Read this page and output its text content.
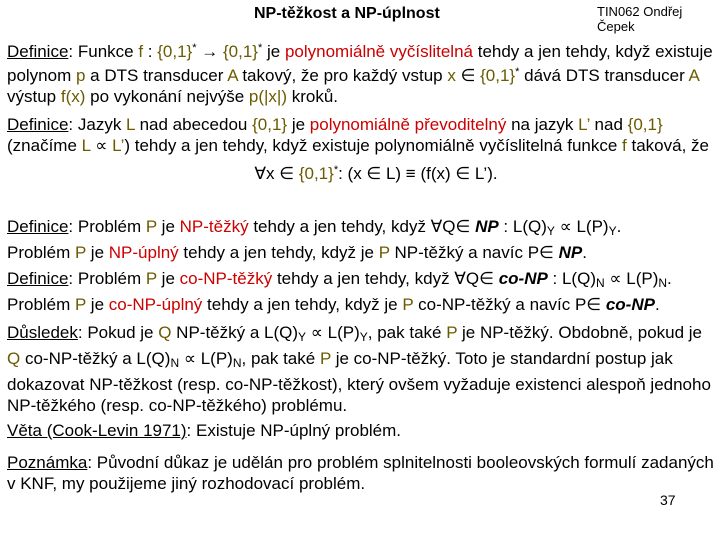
NP-těžkost a NP-úplnost	TIN062 Ondřej Čepek
Definice: Funkce f : {0,1}* → {0,1}* je polynomiálně vyčíslitelná tehdy a jen tehdy, když existuje polynom p a DTS transducer A takový, že pro každý vstup x ∈ {0,1}* dává DTS transducer A výstup f(x) po vykonání nejvýše p(|x|) kroků.
Definice: Jazyk L nad abecedou {0,1} je polynomiálně převoditelný na jazyk L’ nad {0,1} (značíme L ∝ L’) tehdy a jen tehdy, když existuje polynomiálně vyčíslitelná funkce f taková, že
∀x ∈ {0,1}*: (x ∈ L) ≡ (f(x) ∈ L’).
Definice: Problém P je NP-těžký tehdy a jen tehdy, když ∀Q∈ NP : L(Q)Y ∝ L(P)Y.
Problém P je NP-úplný tehdy a jen tehdy, když je P NP-těžký a navíc P∈ NP.
Definice: Problém P je co-NP-těžký tehdy a jen tehdy, když ∀Q∈ co-NP : L(Q)N ∝ L(P)N.
Problém P je co-NP-úplný tehdy a jen tehdy, když je P co-NP-těžký a navíc P∈ co-NP.
Důsledek: Pokud je Q NP-těžký a L(Q)Y ∝ L(P)Y, pak také P je NP-těžký. Obdobně, pokud je Q co-NP-těžký a L(Q)N ∝ L(P)N, pak také P je co-NP-těžký. Toto je standardní postup jak dokazovat NP-těžkost (resp. co-NP-těžkost), který ovšem vyžaduje existenci alespoň jednoho NP-těžkého (resp. co-NP-těžkého) problému.
Věta (Cook-Levin 1971): Existuje NP-úplný problém.
Poznámka: Původní důkaz je udělán pro problém splnitelnosti booleovských formulí zadaných v KNF, my použijeme jiný rozhodovací problém.
37
